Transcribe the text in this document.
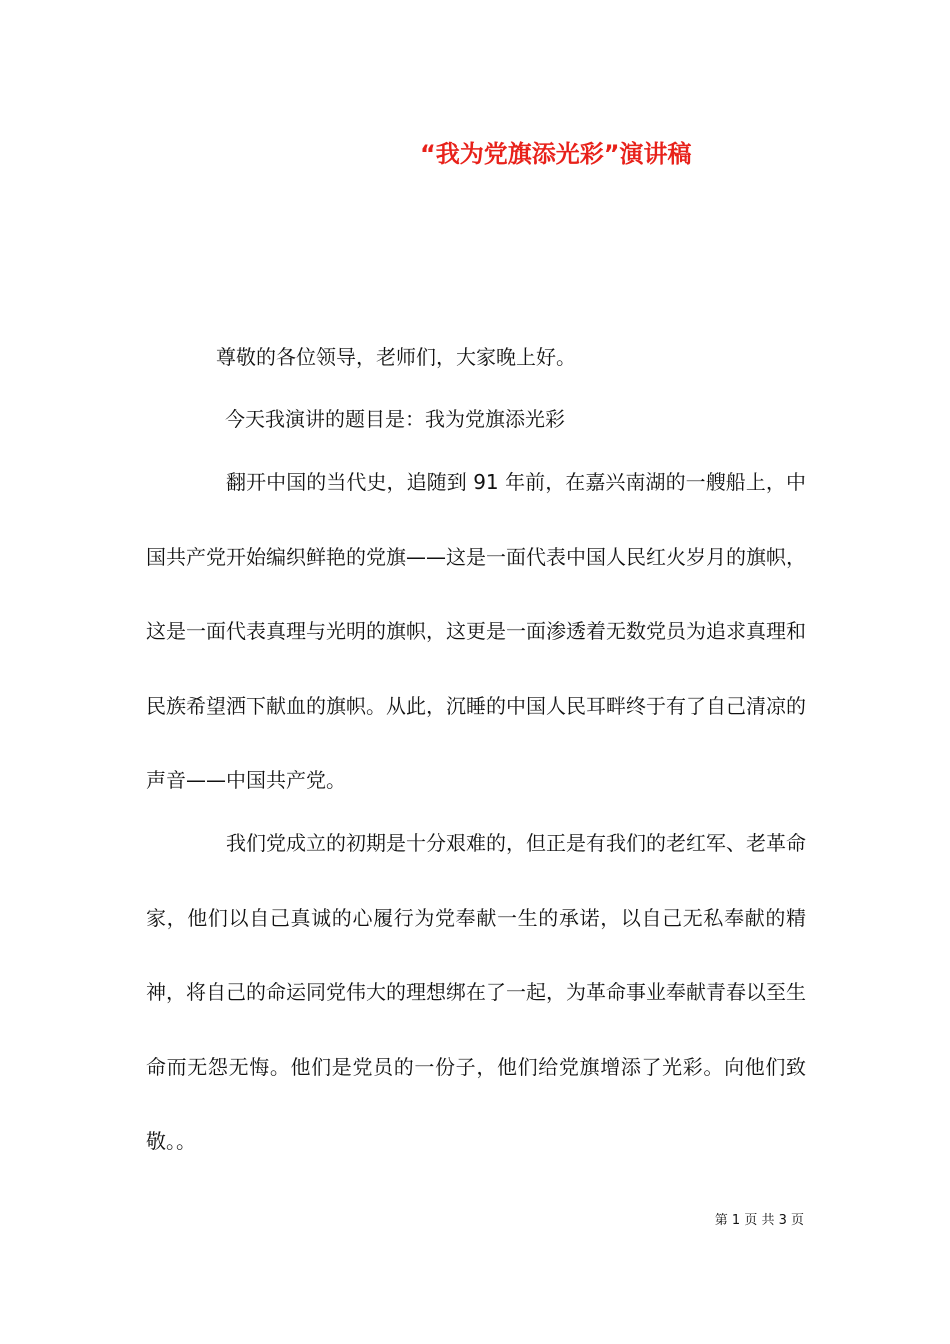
“我为党旗添光彩”演讲稿
尊敬的各位领导，老师们，大家晚上好。
今天我演讲的题目是：我为党旗添光彩

翻开中国的当代史，追随到 91 年前，在嘉兴南湖的一艘船上，中国共产党开始编织鲜艳的党旗——这是一面代表中国人民红火岁月的旗帜，这是一面代表真理与光明的旗帜，这更是一面渗透着无数党员为追求真理和民族希望洒下献血的旗帜。从此，沉睡的中国人民耳畔终于有了自己清凉的声音——中国共产党。

我们党成立的初期是十分艰难的，但正是有我们的老红军、老革命家，他们以自己真诚的心履行为党奉献一生的承诺，以自己无私奉献的精神，将自己的命运同党伟大的理想绑在了一起，为革命事业奉献青春以至生命而无怨无悔。他们是党员的一份子，他们给党旗增添了光彩。向他们致敬。。

第 1 页 共 3 页
